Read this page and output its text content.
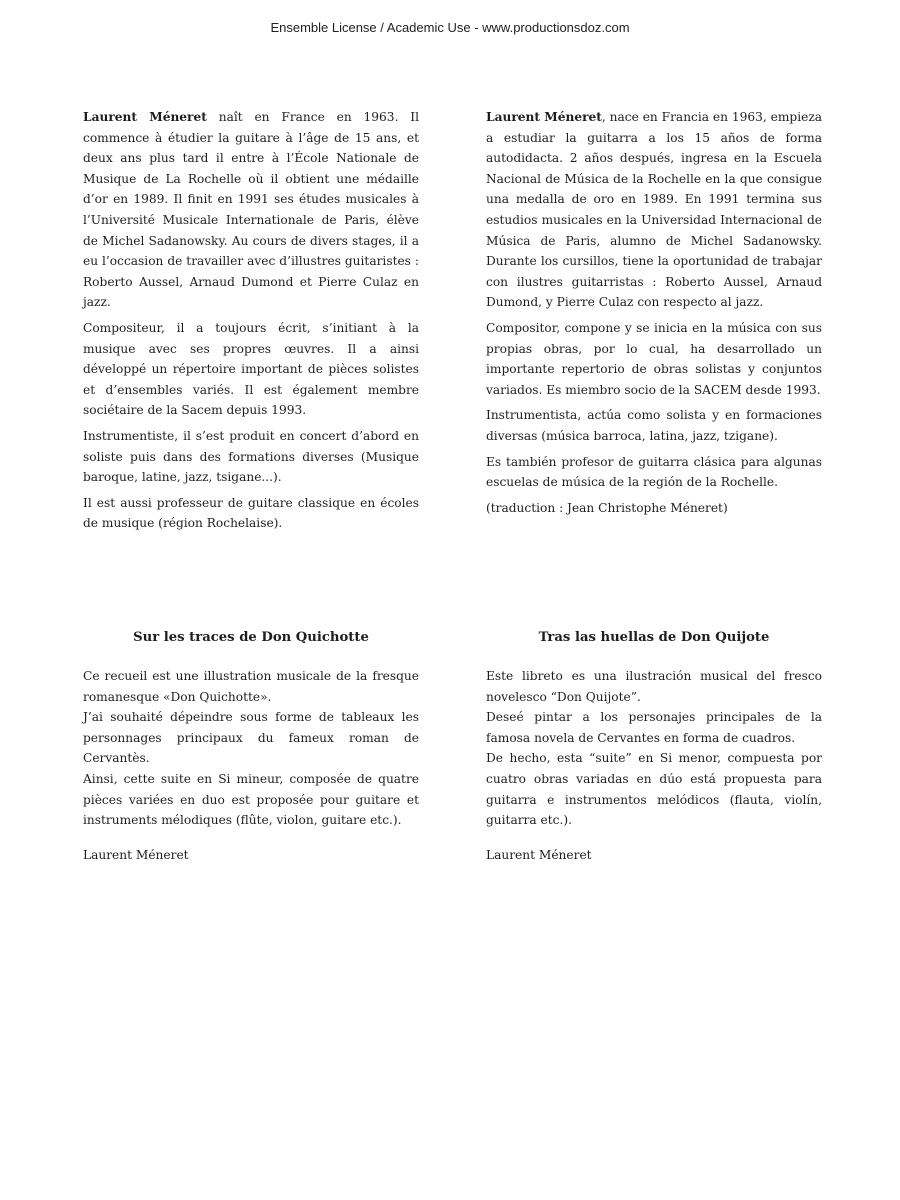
Ensemble License / Academic Use - www.productionsdoz.com

Laurent Méneret naît en France en 1963. Il commence à étudier la guitare à l’âge de 15 ans, et deux ans plus tard il entre à l’École Nationale de Musique de La Rochelle où il obtient une médaille d’or en 1989. Il finit en 1991 ses études musicales à l’Université Musicale Internationale de Paris, élève de Michel Sadanowsky. Au cours de divers stages, il a eu l’occasion de travailler avec d’illustres guitaristes : Roberto Aussel, Arnaud Dumond et Pierre Culaz en jazz.

Compositeur, il a toujours écrit, s’initiant à la musique avec ses propres œuvres. Il a ainsi développé un répertoire important de pièces solistes et d’ensembles variés. Il est également membre sociétaire de la Sacem depuis 1993.

Instrumentiste, il s’est produit en concert d’abord en soliste puis dans des formations diverses (Musique baroque, latine, jazz, tsigane...).

Il est aussi professeur de guitare classique en écoles de musique (région Rochelaise).

Laurent Méneret, nace en Francia en 1963, empieza a estudiar la guitarra a los 15 años de forma autodidacta. 2 años después, ingresa en la Escuela Nacional de Música de la Rochelle en la que consigue una medalla de oro en 1989. En 1991 termina sus estudios musicales en la Universidad Internacional de Música de Paris, alumno de Michel Sadanowsky. Durante los cursillos, tiene la oportunidad de trabajar con ilustres guitarristas : Roberto Aussel, Arnaud Dumond, y Pierre Culaz con respecto al jazz.

Compositor, compone y se inicia en la música con sus propias obras, por lo cual, ha desarrollado un importante repertorio de obras solistas y conjuntos variados. Es miembro socio de la SACEM desde 1993.

Instrumentista, actúa como solista y en formaciones diversas (música barroca, latina, jazz, tzigane).

Es también profesor de guitarra clásica para algunas escuelas de música de la región de la Rochelle.

(traduction : Jean Christophe Méneret)

Sur les traces de Don Quichotte

Ce recueil est une illustration musicale de la fresque romanesque «Don Quichotte».

J’ai souhaité dépeindre sous forme de tableaux les personnages principaux du fameux roman de Cervantès.

Ainsi, cette suite en Si mineur, composée de quatre pièces variées en duo est proposée pour guitare et instruments mélodiques (flûte, violon, guitare etc.).

Laurent Méneret

Tras las huellas de Don Quijote

Este libreto es una ilustración musical del fresco novelesco “Don Quijote”.

Deseé pintar a los personajes principales de la famosa novela de Cervantes en forma de cuadros.

De hecho, esta “suite” en Si menor, compuesta por cuatro obras variadas en dúo está propuesta para guitarra e instrumentos melódicos (flauta, violín, guitarra etc.).

Laurent Méneret
